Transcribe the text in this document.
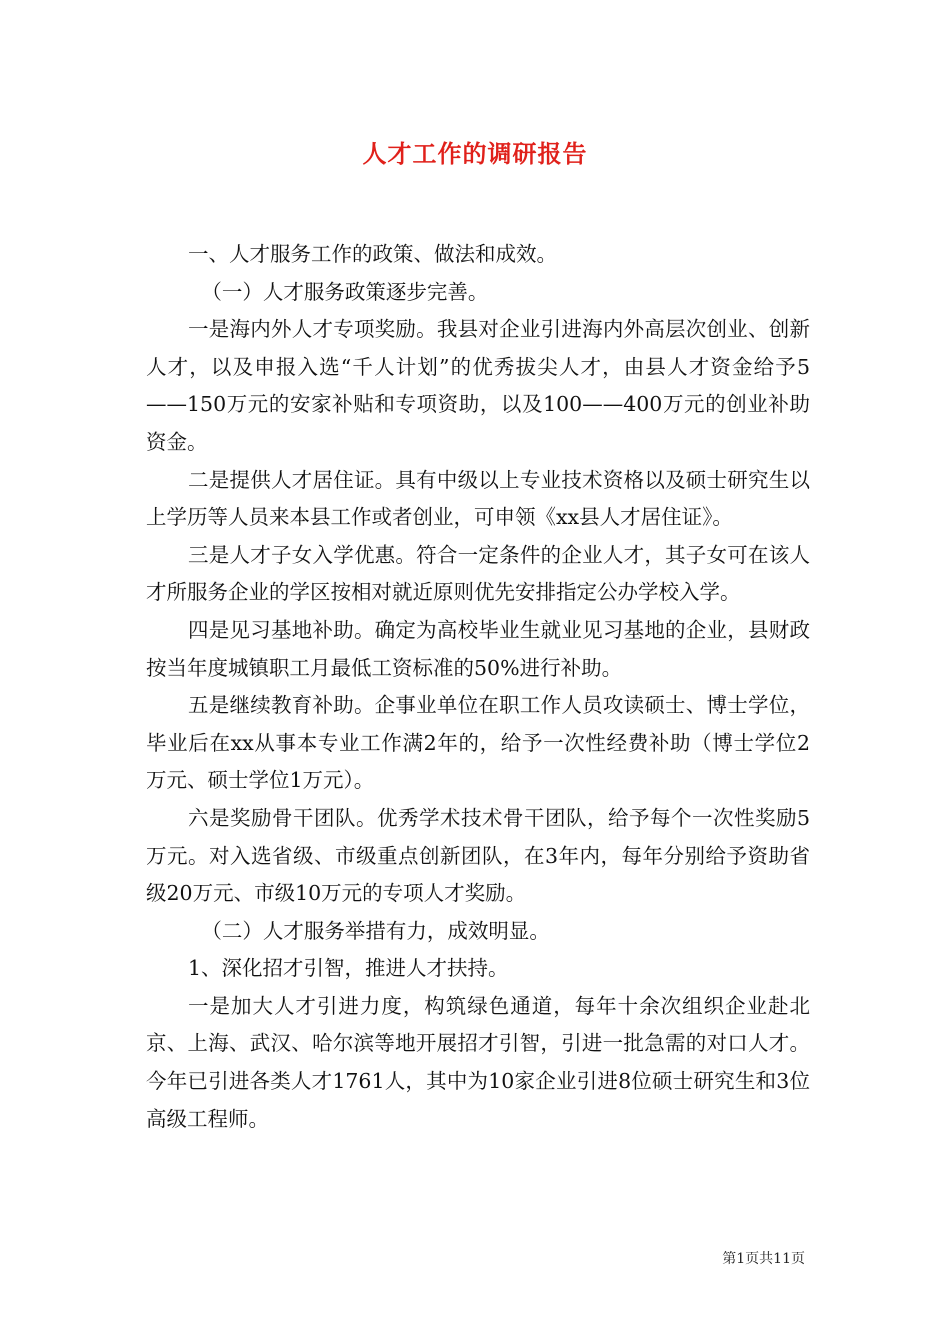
人才工作的调研报告

一、人才服务工作的政策、做法和成效。

（一）人才服务政策逐步完善。

一是海内外人才专项奖励。我县对企业引进海内外高层次创业、创新人才，以及申报入选“千人计划”的优秀拔尖人才，由县人才资金给予5——150万元的安家补贴和专项资助，以及100——400万元的创业补助资金。

二是提供人才居住证。具有中级以上专业技术资格以及硕士研究生以上学历等人员来本县工作或者创业，可申领《xx县人才居住证》。

三是人才子女入学优惠。符合一定条件的企业人才，其子女可在该人才所服务企业的学区按相对就近原则优先安排指定公办学校入学。

四是见习基地补助。确定为高校毕业生就业见习基地的企业，县财政按当年度城镇职工月最低工资标准的50%进行补助。

五是继续教育补助。企事业单位在职工作人员攻读硕士、博士学位，毕业后在xx从事本专业工作满2年的，给予一次性经费补助（博士学位2万元、硕士学位1万元）。

六是奖励骨干团队。优秀学术技术骨干团队，给予每个一次性奖励5万元。对入选省级、市级重点创新团队，在3年内，每年分别给予资助省级20万元、市级10万元的专项人才奖励。

（二）人才服务举措有力，成效明显。

1、深化招才引智，推进人才扶持。

一是加大人才引进力度，构筑绿色通道，每年十余次组织企业赴北京、上海、武汉、哈尔滨等地开展招才引智，引进一批急需的对口人才。今年已引进各类人才1761人，其中为10家企业引进8位硕士研究生和3位高级工程师。

第1页共11页
